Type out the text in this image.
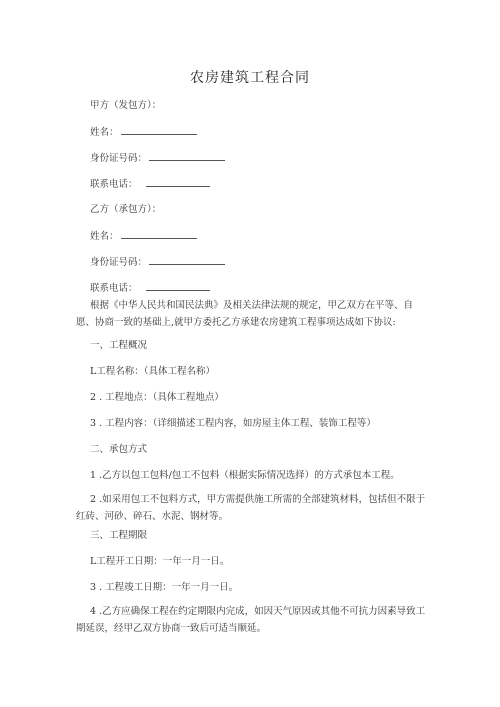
农房建筑工程合同
甲方（发包方）：
姓名：
身份证号码：
联系电话：
乙方（承包方）：
姓名：
身份证号码：
联系电话：
根据《中华人民共和国民法典》及相关法律法规的规定，甲乙双方在平等、自愿、协商一致的基础上,就甲方委托乙方承建农房建筑工程事项达成如下协议:
一、工程概况
L工程名称：（具体工程名称）
2 . 工程地点：（具体工程地点）
3 . 工程内容：（详细描述工程内容，如房屋主体工程、装饰工程等）
二、承包方式
1 .乙方以包工包料/包工不包料（根据实际情况选择）的方式承包本工程。
2 .如采用包工不包料方式，甲方需提供施工所需的全部建筑材料，包括但不限于红砖、河砂、碎石、水泥、钢材等。
三、工程期限
L工程开工日期：一年一月一日。
3 . 工程竣工日期：一年一月一日。
4 .乙方应确保工程在约定期限内完成，如因天气原因或其他不可抗力因素导致工期延误，经甲乙双方协商一致后可适当顺延。
